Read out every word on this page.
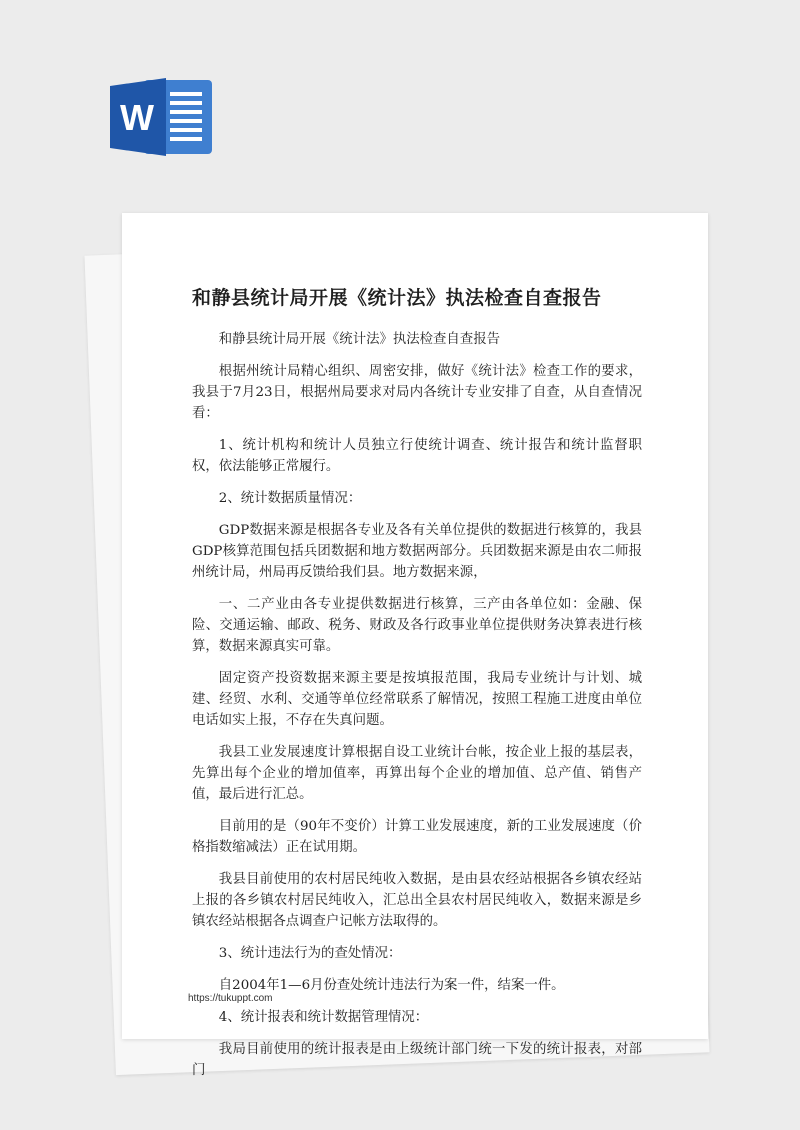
W
和静县统计局开展《统计法》执法检查自查报告

和静县统计局开展《统计法》执法检查自查报告

根据州统计局精心组织、周密安排，做好《统计法》检查工作的要求，我县于7月23日，根据州局要求对局内各统计专业安排了自查，从自查情况看：

1、统计机构和统计人员独立行使统计调查、统计报告和统计监督职权，依法能够正常履行。

2、统计数据质量情况：

GDP数据来源是根据各专业及各有关单位提供的数据进行核算的，我县GDP核算范围包括兵团数据和地方数据两部分。兵团数据来源是由农二师报州统计局，州局再反馈给我们县。地方数据来源，

一、二产业由各专业提供数据进行核算，三产由各单位如：金融、保险、交通运输、邮政、税务、财政及各行政事业单位提供财务决算表进行核算，数据来源真实可靠。

固定资产投资数据来源主要是按填报范围，我局专业统计与计划、城建、经贸、水利、交通等单位经常联系了解情况，按照工程施工进度由单位电话如实上报，不存在失真问题。

我县工业发展速度计算根据自设工业统计台帐，按企业上报的基层表，先算出每个企业的增加值率，再算出每个企业的增加值、总产值、销售产值，最后进行汇总。

目前用的是（90年不变价）计算工业发展速度，新的工业发展速度（价格指数缩减法）正在试用期。

我县目前使用的农村居民纯收入数据，是由县农经站根据各乡镇农经站上报的各乡镇农村居民纯收入，汇总出全县农村居民纯收入，数据来源是乡镇农经站根据各点调查户记帐方法取得的。

3、统计违法行为的查处情况：

自2004年1—6月份查处统计违法行为案一件，结案一件。

4、统计报表和统计数据管理情况：

我局目前使用的统计报表是由上级统计部门统一下发的统计报表，对部门

https://tukuppt.com
